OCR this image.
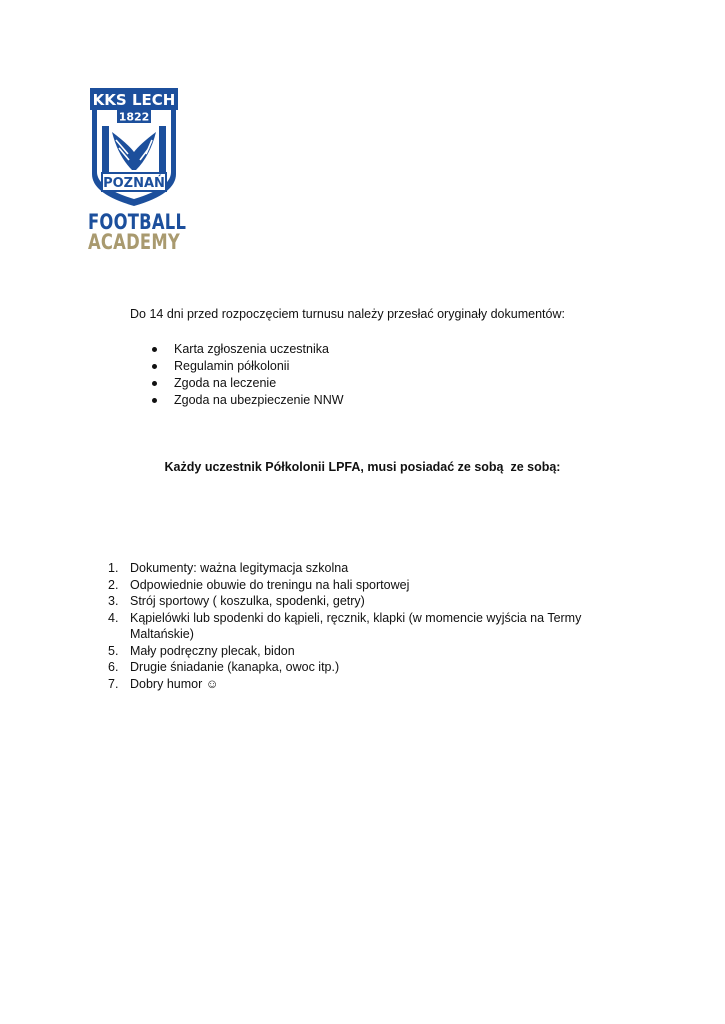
KKS LECH
1822
POZNAŃ
FOOTBALL
ACADEMY
Do 14 dni przed rozpoczęciem turnusu należy przesłać oryginały dokumentów:
Karta zgłoszenia uczestnika
Regulamin półkolonii
Zgoda na leczenie
Zgoda na ubezpieczenie NNW
Każdy uczestnik Półkolonii LPFA, musi posiadać ze sobą  ze sobą:
1. Dokumenty: ważna legitymacja szkolna
2. Odpowiednie obuwie do treningu na hali sportowej
3. Strój sportowy ( koszulka, spodenki, getry)
4. Kąpielówki lub spodenki do kąpieli, ręcznik, klapki (w momencie wyjścia na Termy Maltańskie)
5. Mały podręczny plecak, bidon
6. Drugie śniadanie (kanapka, owoc itp.)
7. Dobry humor ☺
